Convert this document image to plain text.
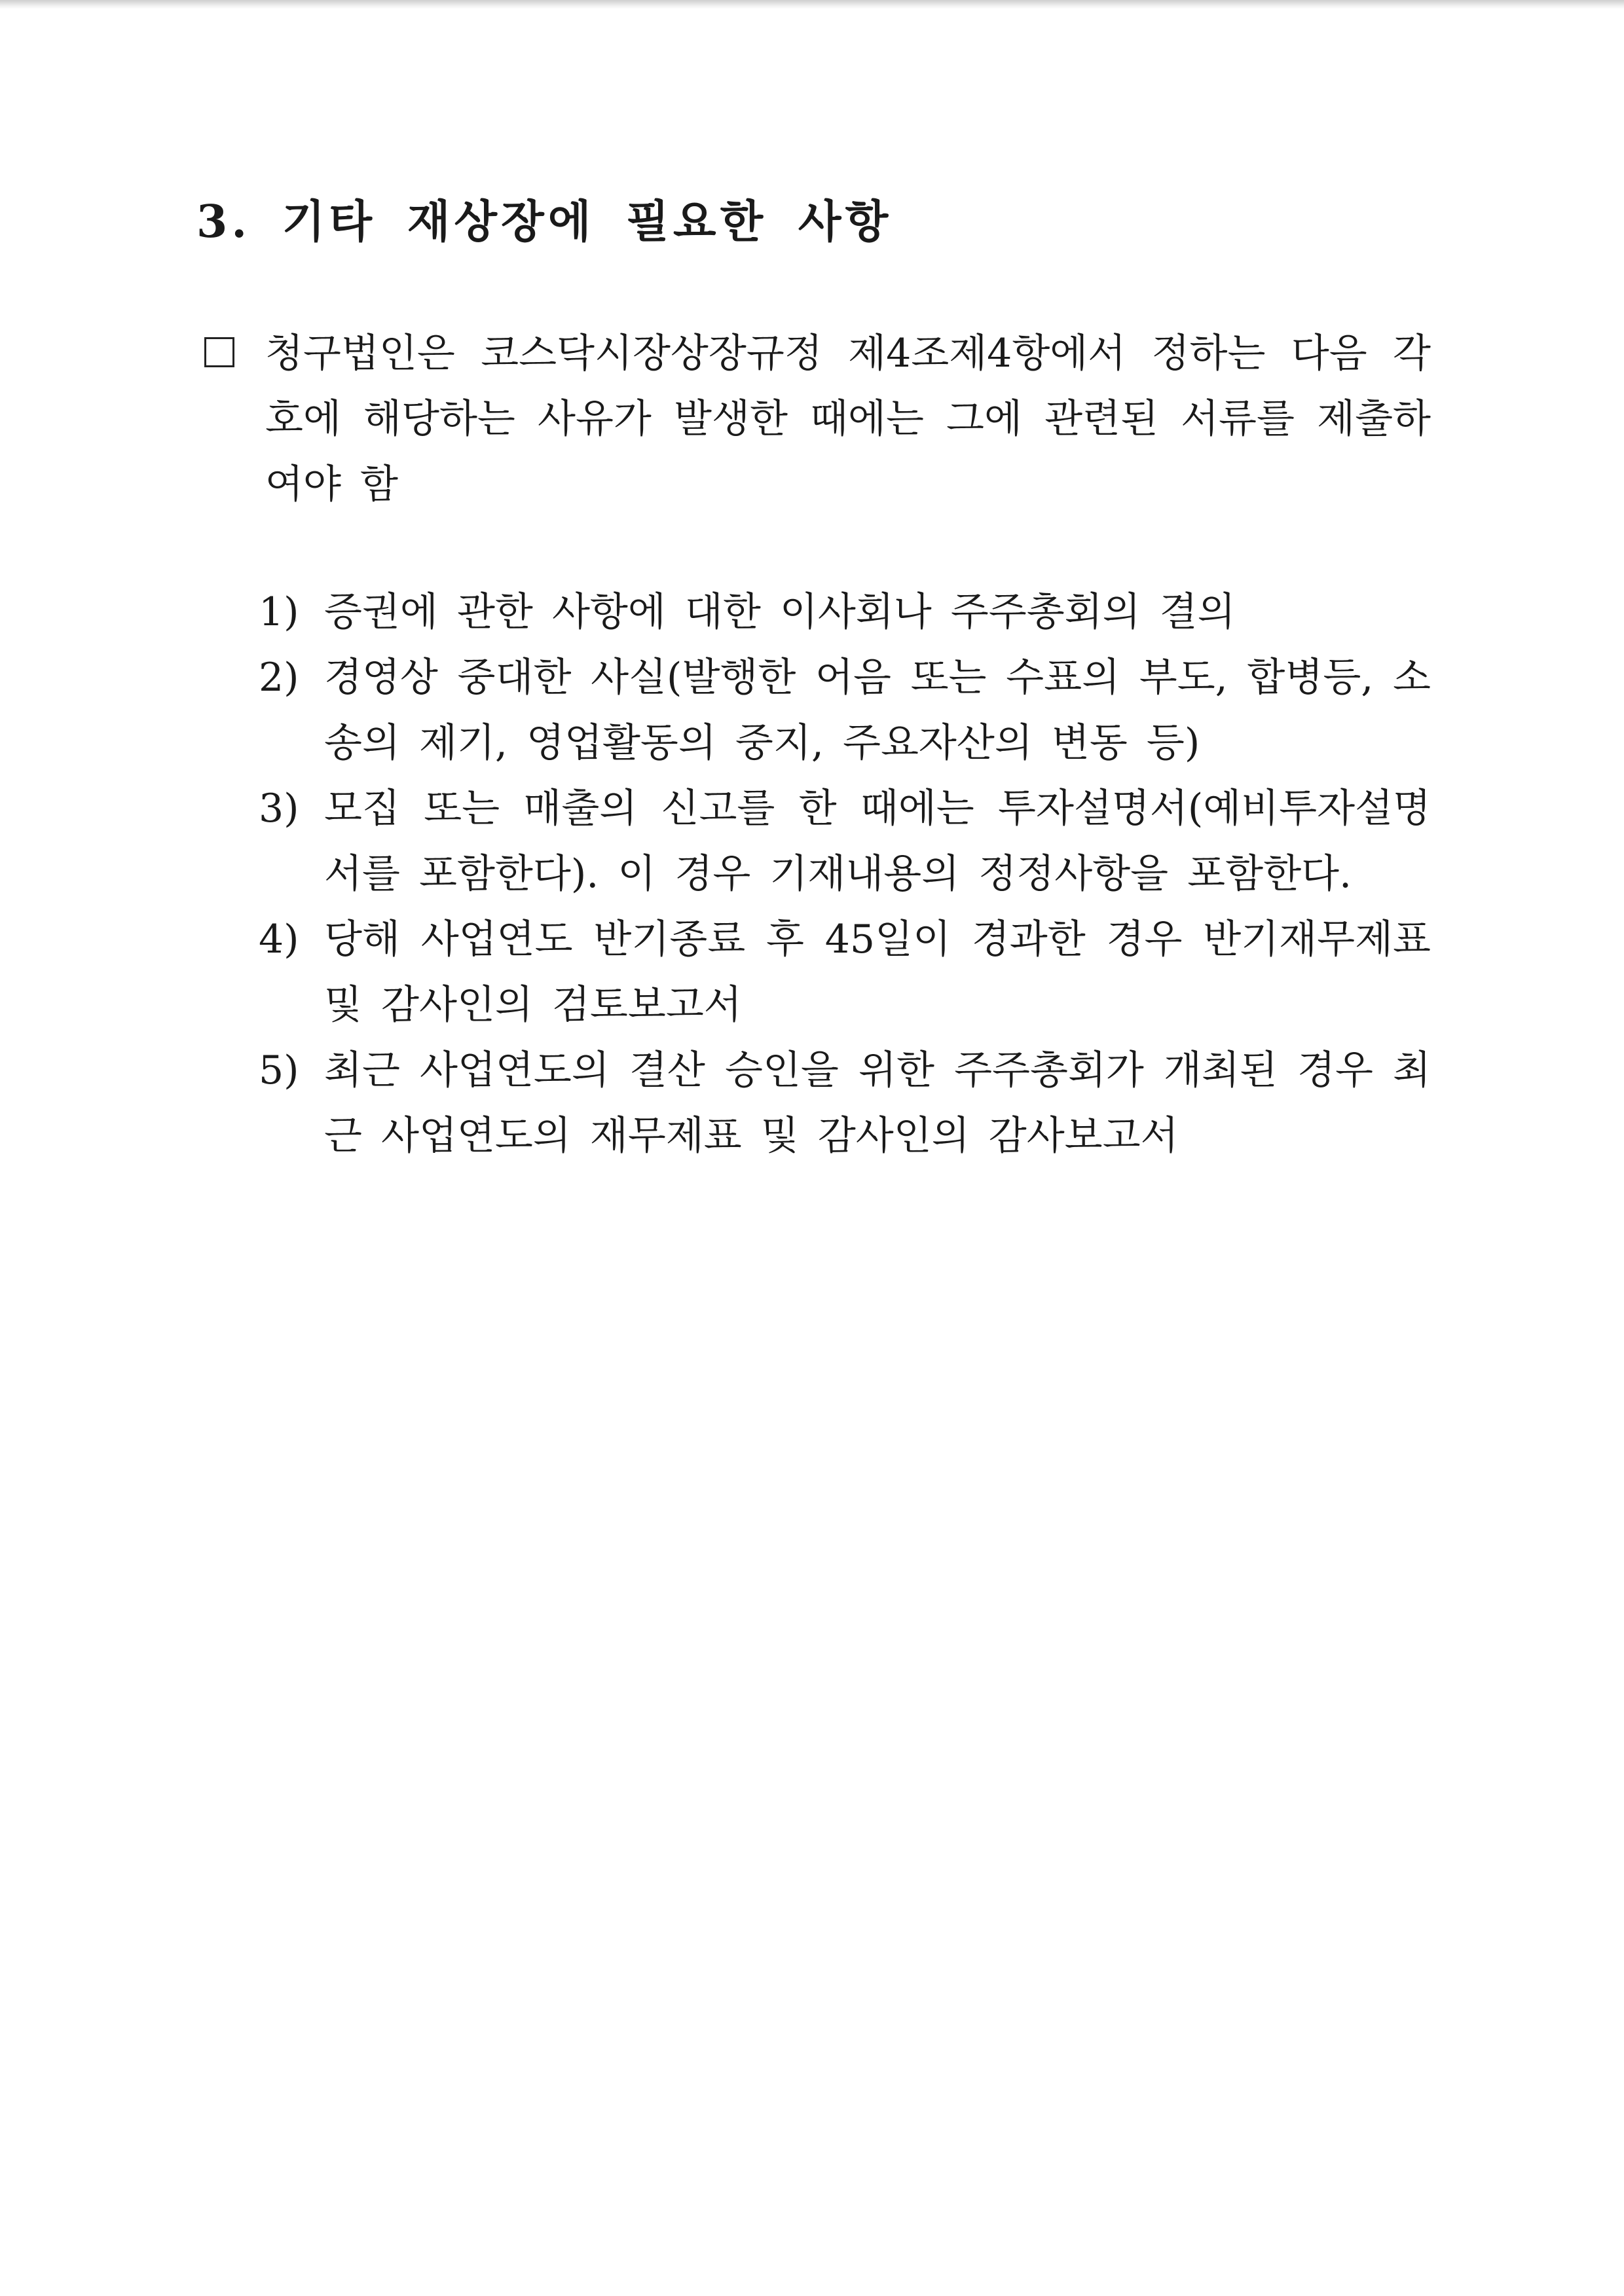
3. 기타 재상장에 필요한 사항

청구법인은 코스닥시장상장규정 제4조제4항에서 정하는 다음 각 호에 해당하는 사유가 발생한 때에는 그에 관련된 서류를 제출하여야 함

1) 증권에 관한 사항에 대한 이사회나 주주총회의 결의
2) 경영상 중대한 사실(발행한 어음 또는 수표의 부도, 합병등, 소송의 제기, 영업활동의 중지, 주요자산의 변동 등)
3) 모집 또는 매출의 신고를 한 때에는 투자설명서(예비투자설명서를 포함한다). 이 경우 기재내용의 정정사항을 포함한다.
4) 당해 사업연도 반기종료 후 45일이 경과한 경우 반기재무제표 및 감사인의 검토보고서
5) 최근 사업연도의 결산 승인을 위한 주주총회가 개최된 경우 최근 사업연도의 재무제표 및 감사인의 감사보고서
